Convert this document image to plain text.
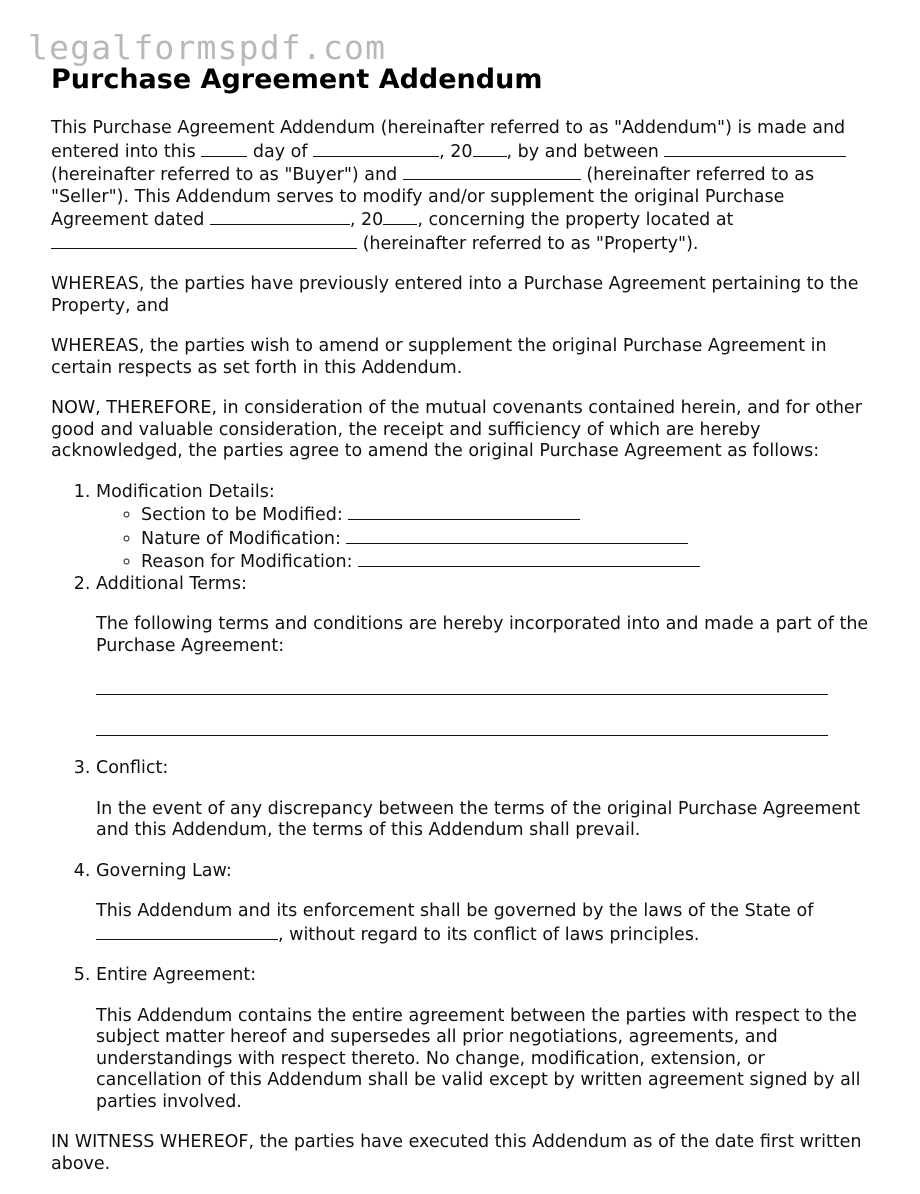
legalformspdf.com
Purchase Agreement Addendum

This Purchase Agreement Addendum (hereinafter referred to as "Addendum") is made and entered into this	day of	, 20 , by and between  (hereinafter referred to as "Buyer") and	(hereinafter referred to as "Seller"). This Addendum serves to modify and/or supplement the original Purchase Agreement dated	, 20 , concerning the property located at  (hereinafter referred to as "Property").

WHEREAS, the parties have previously entered into a Purchase Agreement pertaining to the Property, and

WHEREAS, the parties wish to amend or supplement the original Purchase Agreement in certain respects as set forth in this Addendum.

NOW, THEREFORE, in consideration of the mutual covenants contained herein, and for other good and valuable consideration, the receipt and sufficiency of which are hereby acknowledged, the parties agree to amend the original Purchase Agreement as follows:

1. Modification Details:
◦ Section to be Modified:
◦ Nature of Modification:
◦ Reason for Modification:
2. Additional Terms:

The following terms and conditions are hereby incorporated into and made a part of the Purchase Agreement:

3. Conflict:

In the event of any discrepancy between the terms of the original Purchase Agreement and this Addendum, the terms of this Addendum shall prevail.

4. Governing Law:

This Addendum and its enforcement shall be governed by the laws of the State of , without regard to its conflict of laws principles.

5. Entire Agreement:

This Addendum contains the entire agreement between the parties with respect to the subject matter hereof and supersedes all prior negotiations, agreements, and understandings with respect thereto. No change, modification, extension, or cancellation of this Addendum shall be valid except by written agreement signed by all parties involved.

IN WITNESS WHEREOF, the parties have executed this Addendum as of the date first written above.
